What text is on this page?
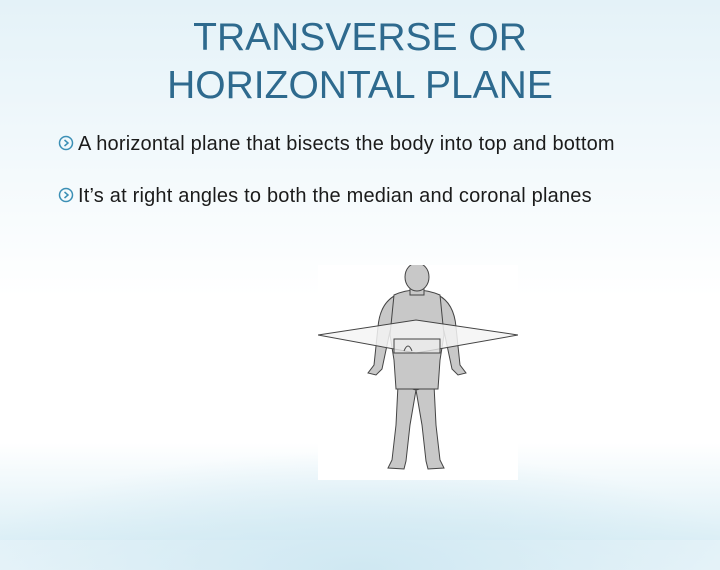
TRANSVERSE OR
HORIZONTAL PLANE
A horizontal plane that bisects the body into top and bottom
It’s at right angles to both the median and coronal planes
